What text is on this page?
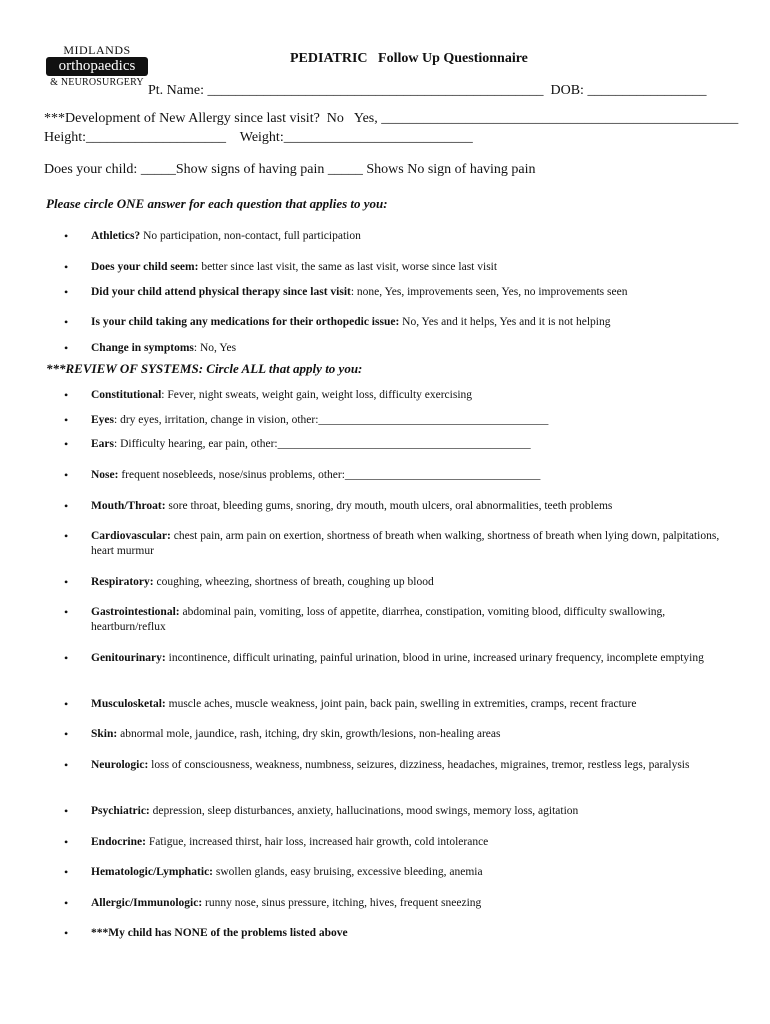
MIDLANDS
orthopaedics
& NEUROSURGERY
PEDIATRIC   Follow Up Questionnaire
Pt. Name: ________________________________________________  DOB: _________________
***Development of New Allergy since last visit?  No   Yes, ___________________________________________________
Height:____________________    Weight:___________________________
Does your child: _____Show signs of having pain _____ Shows No sign of having pain
Please circle ONE answer for each question that applies to you:
• Athletics? No participation, non-contact, full participation
• Does your child seem: better since last visit, the same as last visit, worse since last visit
• Did your child attend physical therapy since last visit: none, Yes, improvements seen, Yes, no improvements seen
• Is your child taking any medications for their orthopedic issue: No, Yes and it helps, Yes and it is not helping
• Change in symptoms: No, Yes
***REVIEW OF SYSTEMS: Circle ALL that apply to you:
• Constitutional: Fever, night sweats, weight gain, weight loss, difficulty exercising
• Eyes: dry eyes, irritation, change in vision, other:________________________________________
• Ears: Difficulty hearing, ear pain, other:____________________________________________
• Nose: frequent nosebleeds, nose/sinus problems, other:__________________________________
• Mouth/Throat: sore throat, bleeding gums, snoring, dry mouth, mouth ulcers, oral abnormalities, teeth problems
• Cardiovascular: chest pain, arm pain on exertion, shortness of breath when walking, shortness of breath when lying down, palpitations, heart murmur
• Respiratory: coughing, wheezing, shortness of breath, coughing up blood
• Gastrointestional: abdominal pain, vomiting, loss of appetite, diarrhea, constipation, vomiting blood, difficulty swallowing, heartburn/reflux
• Genitourinary: incontinence, difficult urinating, painful urination, blood in urine, increased urinary frequency, incomplete emptying
• Musculosketal: muscle aches, muscle weakness, joint pain, back pain, swelling in extremities, cramps, recent fracture
• Skin: abnormal mole, jaundice, rash, itching, dry skin, growth/lesions, non-healing areas
• Neurologic: loss of consciousness, weakness, numbness, seizures, dizziness, headaches, migraines, tremor, restless legs, paralysis
• Psychiatric: depression, sleep disturbances, anxiety, hallucinations, mood swings, memory loss, agitation
• Endocrine: Fatigue, increased thirst, hair loss, increased hair growth, cold intolerance
• Hematologic/Lymphatic: swollen glands, easy bruising, excessive bleeding, anemia
• Allergic/Immunologic: runny nose, sinus pressure, itching, hives, frequent sneezing
• ***My child has NONE of the problems listed above
